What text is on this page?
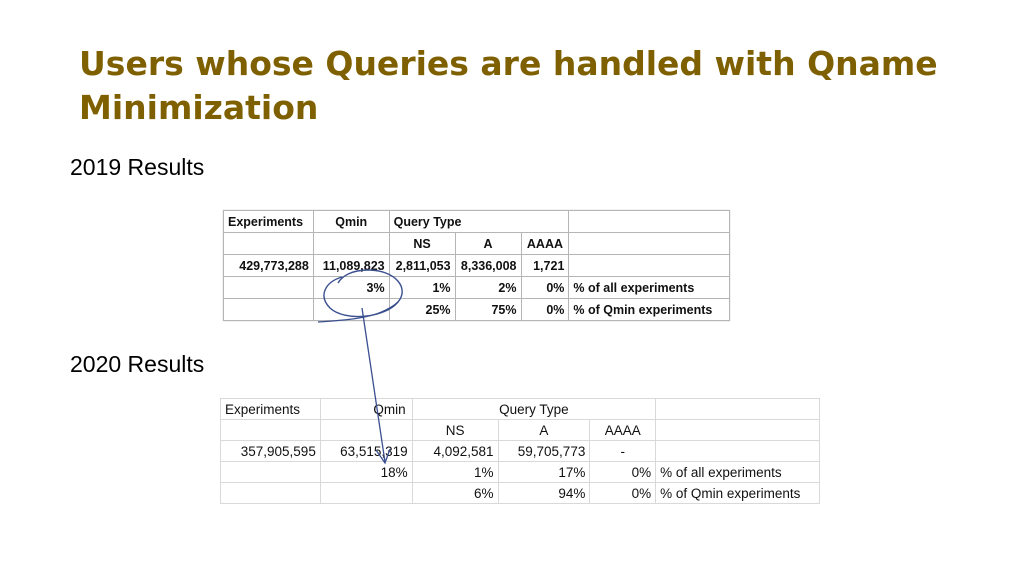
Users whose Queries are handled with Qname Minimization
2019 Results
Experiments	Qmin	Query Type			
		NS	A	AAAA	
429,773,288	11,089,823	2,811,053	8,336,008	1,721	
	3%	1%	2%	0%	% of all experiments
		25%	75%	0%	% of Qmin experiments
2020 Results
Experiments	Qmin	Query Type			
		NS	A	AAAA	
357,905,595	63,515,319	4,092,581	59,705,773	-	
	18%	1%	17%	0%	% of all experiments
		6%	94%	0%	% of Qmin experiments
